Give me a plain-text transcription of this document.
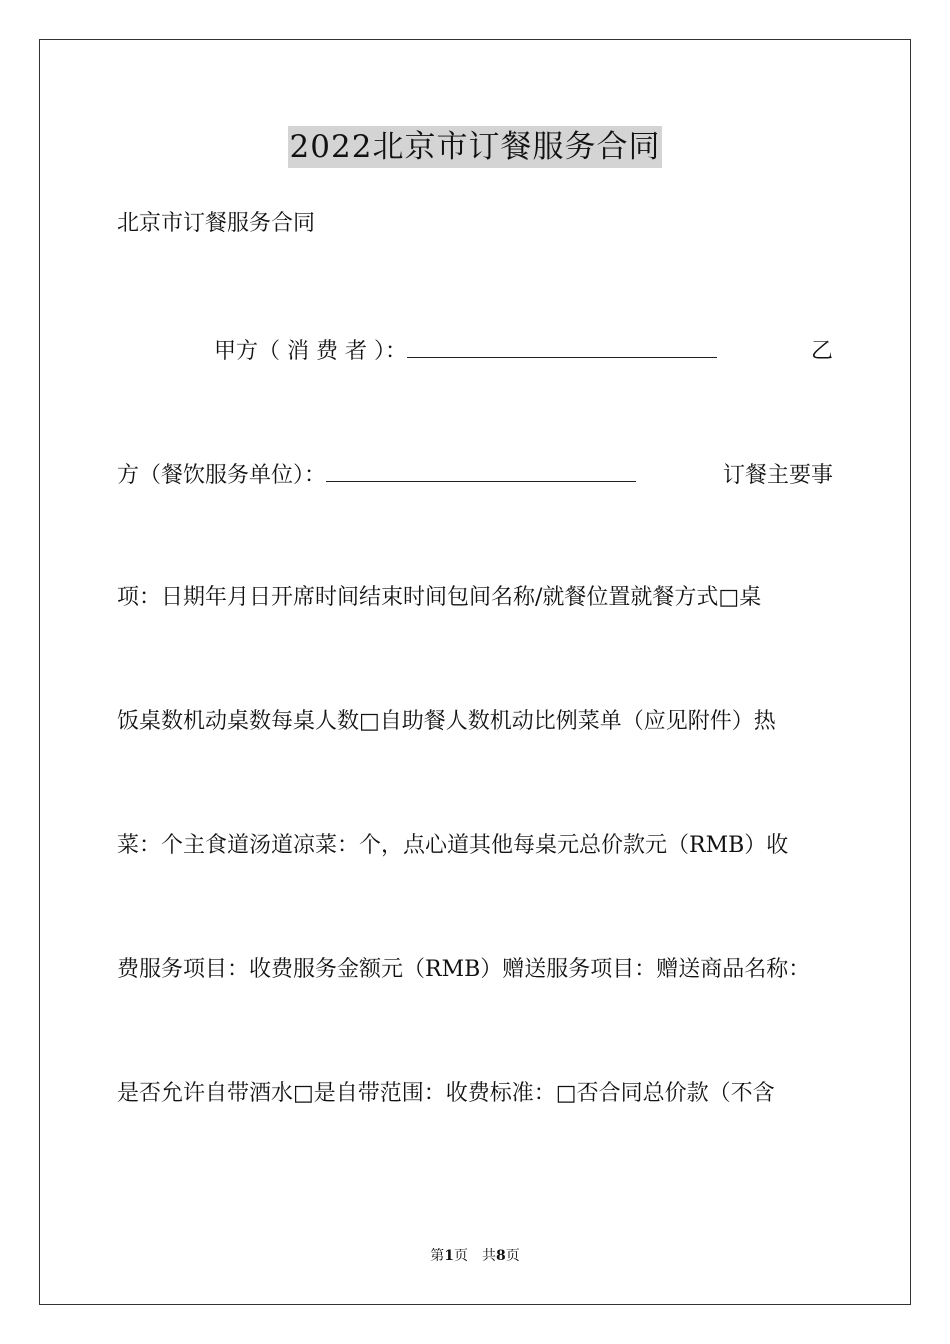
2022北京市订餐服务合同
北京市订餐服务合同
甲方（ 消 费 者 ）：	乙
方（餐饮服务单位）：	订餐主要事
项：日期年月日开席时间结束时间包间名称/就餐位置就餐方式□桌
饭桌数机动桌数每桌人数□自助餐人数机动比例菜单（应见附件）热
菜：个主食道汤道凉菜：个，点心道其他每桌元总价款元（RMB）收
费服务项目：收费服务金额元（RMB）赠送服务项目：赠送商品名称：
是否允许自带酒水□是自带范围：收费标准：□否合同总价款（不含
第1页 共8页
